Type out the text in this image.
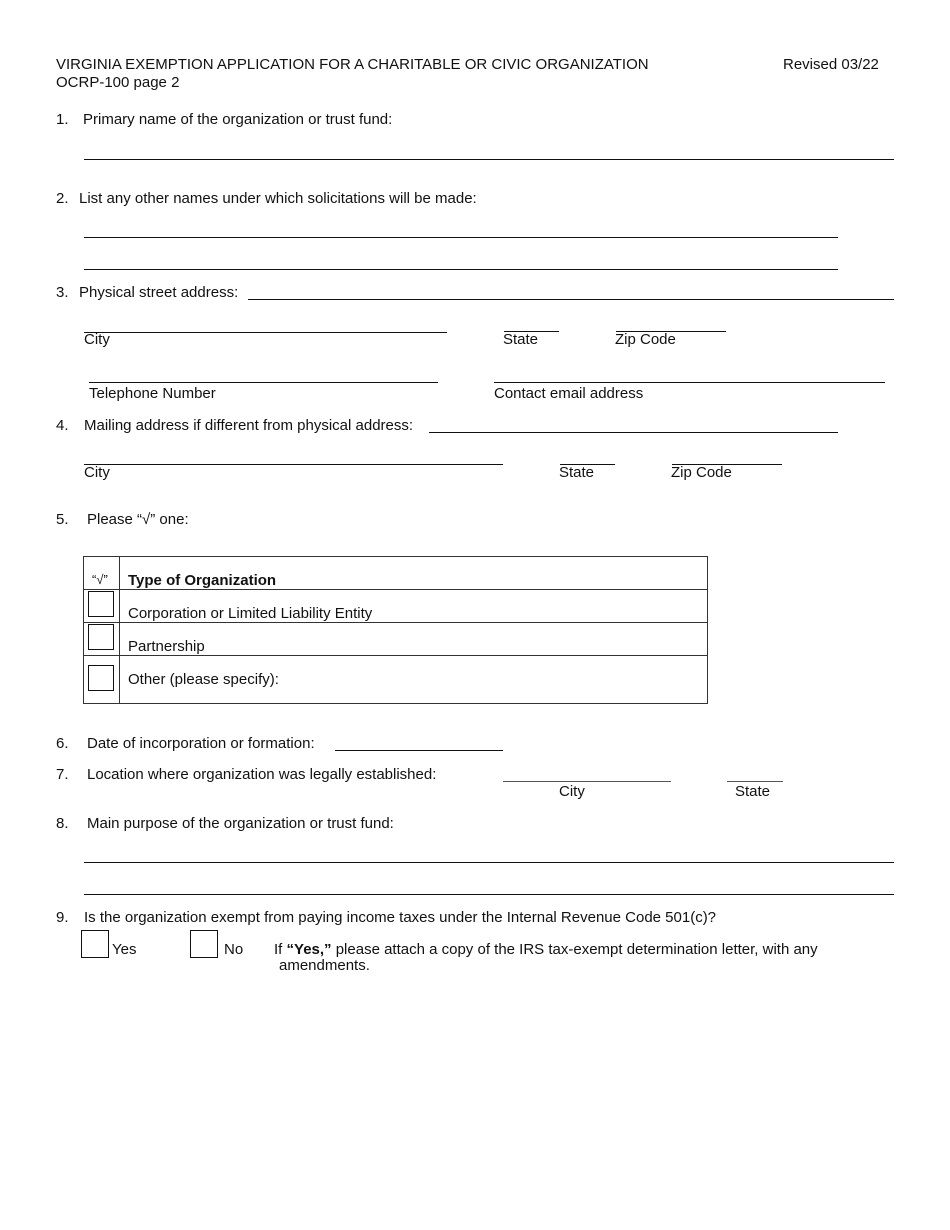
VIRGINIA EXEMPTION APPLICATION FOR A CHARITABLE OR CIVIC ORGANIZATION
OCRP-100 page 2
Revised 03/22
1. Primary name of the organization or trust fund:
2. List any other names under which solicitations will be made:
3. Physical street address:
City	State	Zip Code
Telephone Number	Contact email address
4. Mailing address if different from physical address:
City	State	Zip Code
5. Please “√” one:
“√” Type of Organization
Corporation or Limited Liability Entity
Partnership
Other (please specify):
6. Date of incorporation or formation:
7. Location where organization was legally established:
City	State
8. Main purpose of the organization or trust fund:
9. Is the organization exempt from paying income taxes under the Internal Revenue Code 501(c)?
Yes	No If “Yes,” please attach a copy of the IRS tax-exempt determination letter, with any
amendments.
